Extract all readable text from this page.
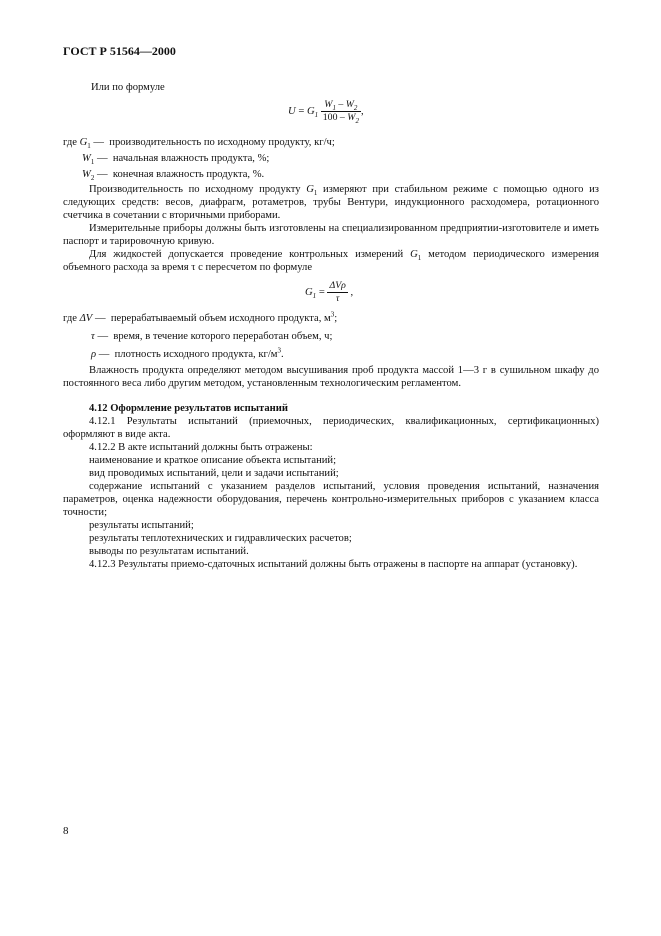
ГОСТ Р 51564—2000
Или по формуле
$U = G_1 \frac{W_1 - W_2}{100 - W_2}$ ,
где $G_1$ — производительность по исходному продукту, кг/ч;
$W_1$ — начальная влажность продукта, %;
$W_2$ — конечная влажность продукта, %.
Производительность по исходному продукту $G_1$ измеряют при стабильном режиме с помощью одного из следующих средств: весов, диафрагм, ротаметров, трубы Вентури, индукционного расходомера, ротационного счетчика в сочетании с вторичными приборами.
Измерительные приборы должны быть изготовлены на специализированном предприятии-изготовителе и иметь паспорт и тарировочную кривую.
Для жидкостей допускается проведение контрольных измерений $G_1$ методом периодического измерения объемного расхода за время τ с пересчетом по формуле
$G_1 = \frac{\text{ΔVρ}}{\tau}$ ,
где ΔV — перерабатываемый объем исходного продукта, $м^3$;
τ — время, в течение которого переработан объем, ч;
ρ — плотность исходного продукта, $кг/м^3$.
Влажность продукта определяют методом высушивания проб продукта массой 1—3 г в сушильном шкафу до постоянного веса либо другим методом, установленным технологическим регламентом.
4.12 Оформление результатов испытаний
4.12.1 Результаты испытаний (приемочных, периодических, квалификационных, сертификационных) оформляют в виде акта.
4.12.2 В акте испытаний должны быть отражены:
наименование и краткое описание объекта испытаний;
вид проводимых испытаний, цели и задачи испытаний;
содержание испытаний с указанием разделов испытаний, условия проведения испытаний, назначения параметров, оценка надежности оборудования, перечень контрольно-измерительных приборов с указанием класса точности;
результаты испытаний;
результаты теплотехнических и гидравлических расчетов;
выводы по результатам испытаний.
4.12.3 Результаты приемо-сдаточных испытаний должны быть отражены в паспорте на аппарат (установку).
8
